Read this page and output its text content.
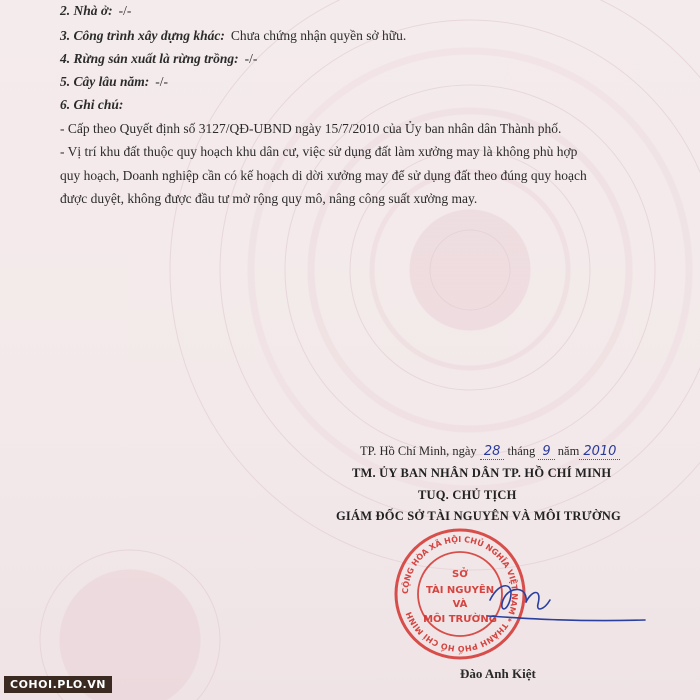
2. Nhà ở: -/-
3. Công trình xây dựng khác: Chưa chứng nhận quyền sở hữu.
4. Rừng sản xuất là rừng trồng: -/-
5. Cây lâu năm: -/-
6. Ghi chú:
- Cấp theo Quyết định số 3127/QĐ-UBND ngày 15/7/2010 của Ủy ban nhân dân Thành phố.
- Vị trí khu đất thuộc quy hoạch khu dân cư, việc sử dụng đất làm xưởng may là không phù hợp
quy hoạch, Doanh nghiệp cần có kế hoạch di dời xưởng may để sử dụng đất theo đúng quy hoạch
được duyệt, không được đầu tư mở rộng quy mô, nâng công suất xưởng may.
TP. Hồ Chí Minh, ngày 28 tháng 9 năm 2010
TM. ỦY BAN NHÂN DÂN TP. HỒ CHÍ MINH
TUQ. CHỦ TỊCH
GIÁM ĐỐC SỞ TÀI NGUYÊN VÀ MÔI TRƯỜNG
CỘNG HÒA XÃ HỘI CHỦ NGHĨA VIỆT NAM * THÀNH PHỐ HỒ CHÍ MINH
SỞ
TÀI NGUYÊN
VÀ
MÔI TRƯỜNG
Đào Anh Kiệt
COHOI.PLO.VN
